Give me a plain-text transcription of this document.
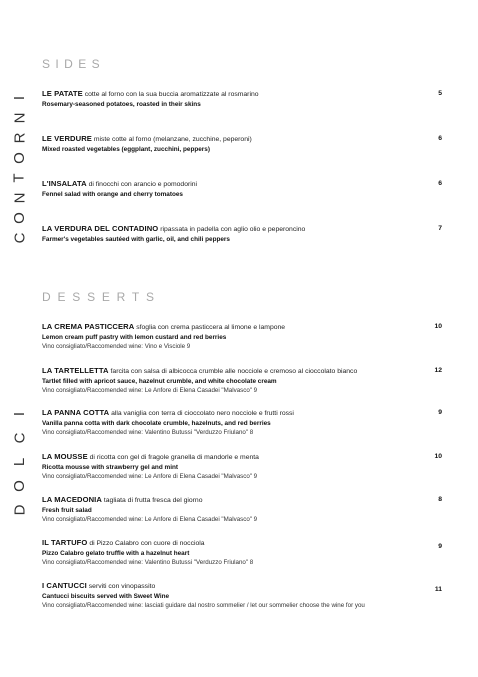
SIDES
I
N
R
O
T
N
O
C
LE PATATE cotte al forno con la sua buccia aromatizzate al rosmarino
Rosemary-seasoned potatoes, roasted in their skins
5
LE VERDURE miste cotte al forno (melanzane, zucchine, peperoni)
Mixed roasted vegetables (eggplant, zucchini, peppers)
6
L'INSALATA di finocchi con arancio e pomodorini
Fennel salad with orange and cherry tomatoes
6
LA VERDURA DEL CONTADINO ripassata in padella con aglio olio e peperoncino
Farmer's vegetables sautéed with garlic, oil, and chili peppers
7
DESSERTS
I
C
L
O
D
LA CREMA PASTICCERA sfoglia con crema pasticcera al limone e lampone
Lemon cream puff pastry with lemon custard and red berries
Vino consigliato/Raccomended wine: Vino e Visciole 9
10
LA TARTELLETTA farcita con salsa di albicocca crumble alle nocciole e cremoso al cioccolato bianco
Tartlet filled with apricot sauce, hazelnut crumble, and white chocolate cream
Vino consigliato/Raccomended wine: Le Anfore di Elena Casadei "Malvasco" 9
12
LA PANNA COTTA alla vaniglia con terra di cioccolato nero nocciole e frutti rossi
Vanilla panna cotta with dark chocolate crumble, hazelnuts, and red berries
Vino consigliato/Raccomended wine: Valentino Butussi "Verduzzo Friulano" 8
9
LA MOUSSE di ricotta con gel di fragole granella di mandorle e menta
Ricotta mousse with strawberry gel and mint
Vino consigliato/Raccomended wine: Le Anfore di Elena Casadei "Malvasco" 9
10
LA MACEDONIA tagliata di frutta fresca del giorno
Fresh fruit salad
Vino consigliato/Raccomended wine: Le Anfore di Elena Casadei "Malvasco" 9
8
IL TARTUFO di Pizzo Calabro con cuore di nocciola
Pizzo Calabro gelato truffle with a hazelnut heart
Vino consigliato/Raccomended wine: Valentino Butussi "Verduzzo Friulano" 8
9
I CANTUCCI serviti con vinopassito
Cantucci biscuits served with Sweet Wine
Vino consigliato/Raccomended wine: lasciati guidare dal nostro sommelier / let our sommelier choose the wine for you
11
